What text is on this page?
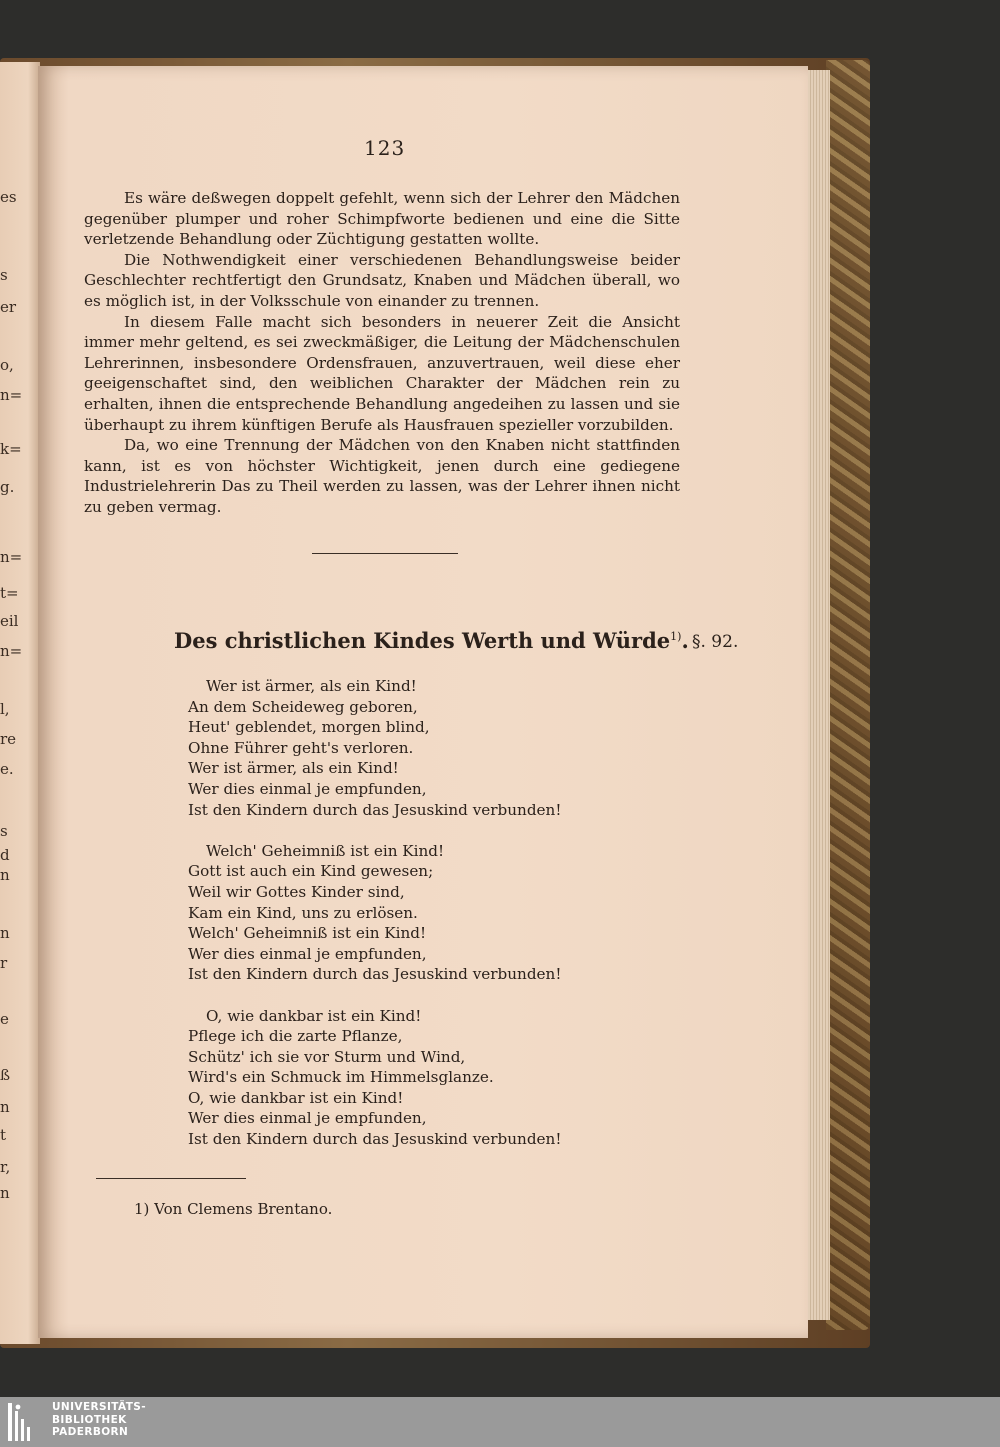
es
s
er
o,
n=
k=
g.
n=
t=
eil
n=
l,
re
e.
s
d
n
n
r
e
ß
n
t
r,
n
123

Es wäre deßwegen doppelt gefehlt, wenn sich der Lehrer den Mädchen gegenüber plumper und roher Schimpfworte bedienen und eine die Sitte verletzende Behandlung oder Züchtigung gestatten wollte.

Die Nothwendigkeit einer verschiedenen Behandlungsweise beider Geschlechter rechtfertigt den Grundsatz, Knaben und Mädchen überall, wo es möglich ist, in der Volksschule von einander zu trennen.

In diesem Falle macht sich besonders in neuerer Zeit die Ansicht immer mehr geltend, es sei zweckmäßiger, die Leitung der Mädchenschulen Lehrerinnen, insbesondere Ordensfrauen, anzuvertrauen, weil diese eher geeigenschaftet sind, den weiblichen Charakter der Mädchen rein zu erhalten, ihnen die entsprechende Behandlung angedeihen zu lassen und sie überhaupt zu ihrem künftigen Berufe als Hausfrauen spezieller vorzubilden.

Da, wo eine Trennung der Mädchen von den Knaben nicht stattfinden kann, ist es von höchster Wichtigkeit, jenen durch eine gediegene Industrielehrerin Das zu Theil werden zu lassen, was der Lehrer ihnen nicht zu geben vermag.

Des christlichen Kindes Werth und Würde$^{1)}$. §. 92.
Wer ist ärmer, als ein Kind!
An dem Scheideweg geboren,
Heut' geblendet, morgen blind,
Ohne Führer geht's verloren.
Wer ist ärmer, als ein Kind!
Wer dies einmal je empfunden,
Ist den Kindern durch das Jesuskind verbunden!
Welch' Geheimniß ist ein Kind!
Gott ist auch ein Kind gewesen;
Weil wir Gottes Kinder sind,
Kam ein Kind, uns zu erlösen.
Welch' Geheimniß ist ein Kind!
Wer dies einmal je empfunden,
Ist den Kindern durch das Jesuskind verbunden!
O, wie dankbar ist ein Kind!
Pflege ich die zarte Pflanze,
Schütz' ich sie vor Sturm und Wind,
Wird's ein Schmuck im Himmelsglanze.
O, wie dankbar ist ein Kind!
Wer dies einmal je empfunden,
Ist den Kindern durch das Jesuskind verbunden!
1) Von Clemens Brentano.
UNIVERSITÄTS-
BIBLIOTHEK
PADERBORN
